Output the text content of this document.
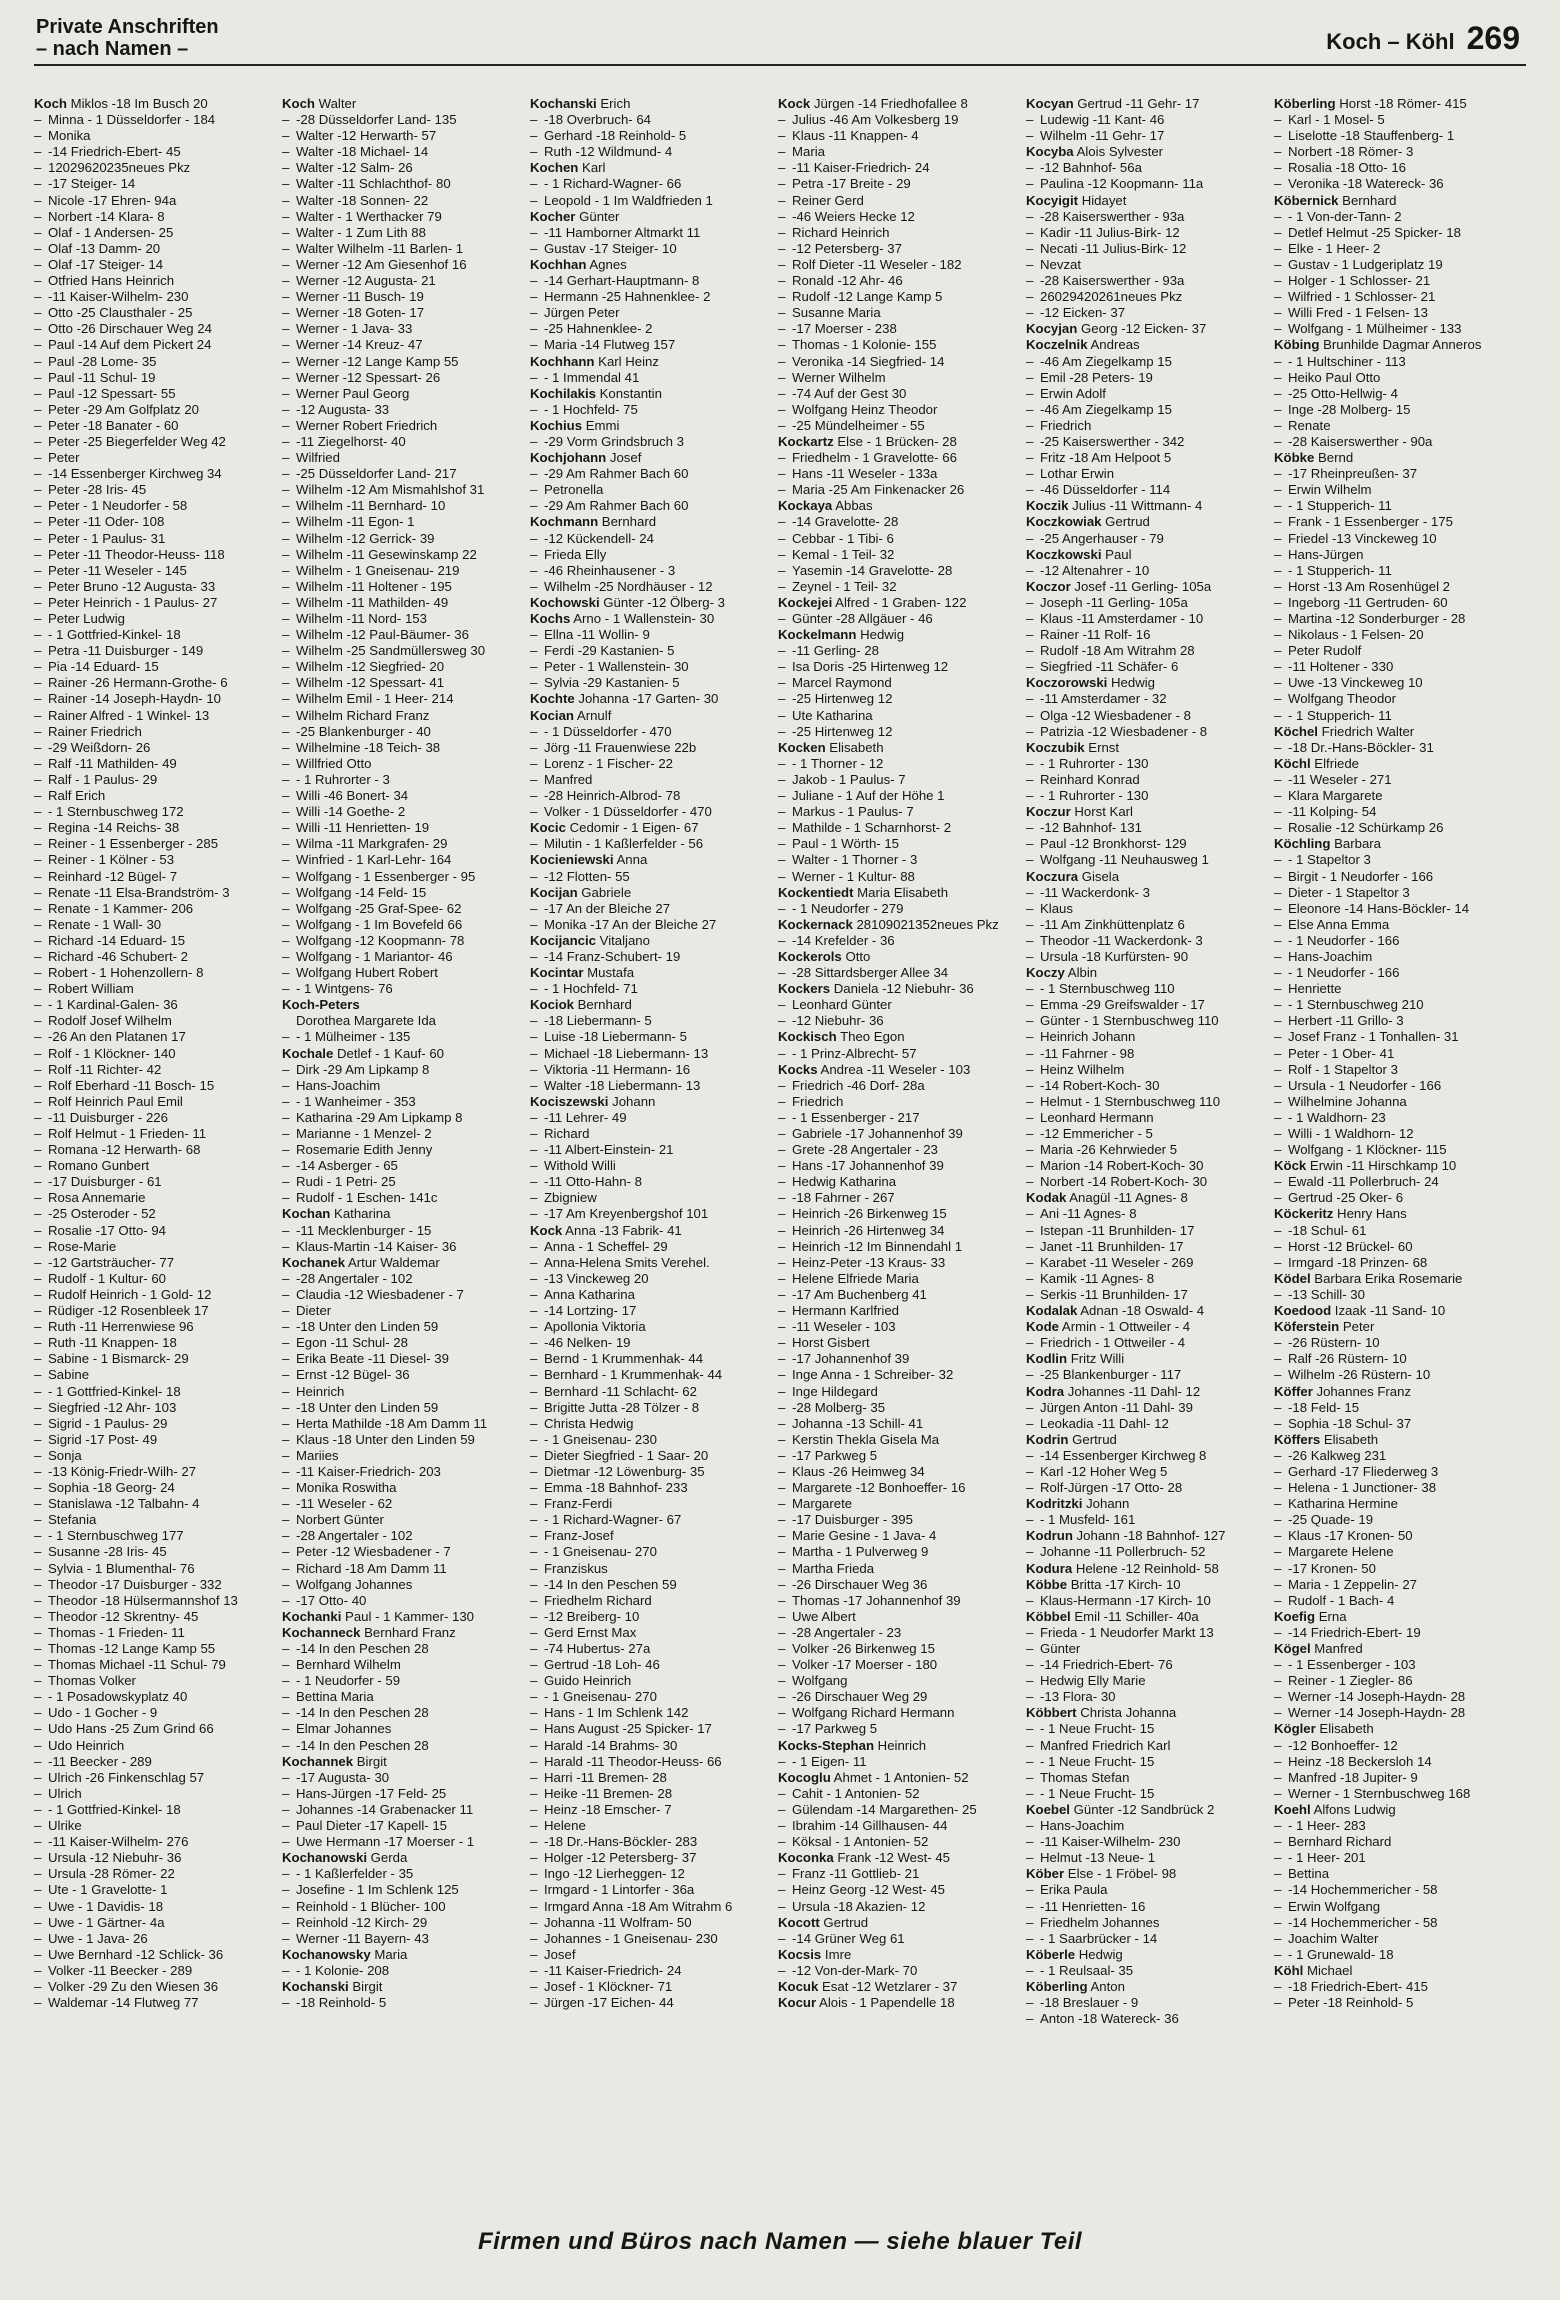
Private Anschriften
– nach Namen –	Koch – Köhl 269
Koch Miklos -18 Im Busch 20
– Minna - 1 Düsseldorfer - 184
– Monika
– -14 Friedrich-Ebert- 45
– 12029620235neues Pkz
– -17 Steiger- 14
– Nicole -17 Ehren- 94a
– Norbert -14 Klara- 8
– Olaf - 1 Andersen- 25
– Olaf -13 Damm- 20
– Olaf -17 Steiger- 14
– Otfried Hans Heinrich
– -11 Kaiser-Wilhelm- 230
– Otto -25 Clausthaler - 25
– Otto -26 Dirschauer Weg 24
– Paul -14 Auf dem Pickert 24
– Paul -28 Lome- 35
– Paul -11 Schul- 19
– Paul -12 Spessart- 55
– Peter -29 Am Golfplatz 20
– Peter -18 Banater - 60
– Peter -25 Biegerfelder Weg 42
– Peter
– -14 Essenberger Kirchweg 34
– Peter -28 Iris- 45
– Peter - 1 Neudorfer - 58
– Peter -11 Oder- 108
– Peter - 1 Paulus- 31
– Peter -11 Theodor-Heuss- 118
– Peter -11 Weseler - 145
– Peter Bruno -12 Augusta- 33
– Peter Heinrich - 1 Paulus- 27
– Peter Ludwig
– - 1 Gottfried-Kinkel- 18
– Petra -11 Duisburger - 149
– Pia -14 Eduard- 15
– Rainer -26 Hermann-Grothe- 6
– Rainer -14 Joseph-Haydn- 10
– Rainer Alfred - 1 Winkel- 13
– Rainer Friedrich
– -29 Weißdorn- 26
– Ralf -11 Mathilden- 49
– Ralf - 1 Paulus- 29
– Ralf Erich
– - 1 Sternbuschweg 172
– Regina -14 Reichs- 38
– Reiner - 1 Essenberger - 285
– Reiner - 1 Kölner - 53
– Reinhard -12 Bügel- 7
– Renate -11 Elsa-Brandström- 3
– Renate - 1 Kammer- 206
– Renate - 1 Wall- 30
– Richard -14 Eduard- 15
– Richard -46 Schubert- 2
– Robert - 1 Hohenzollern- 8
– Robert William
– - 1 Kardinal-Galen- 36
– Rodolf Josef Wilhelm
– -26 An den Platanen 17
– Rolf - 1 Klöckner- 140
– Rolf -11 Richter- 42
– Rolf Eberhard -11 Bosch- 15
– Rolf Heinrich Paul Emil
– -11 Duisburger - 226
– Rolf Helmut - 1 Frieden- 11
– Romana -12 Herwarth- 68
– Romano Gunbert
– -17 Duisburger - 61
– Rosa Annemarie
– -25 Osteroder - 52
– Rosalie -17 Otto- 94
– Rose-Marie
– -12 Gartsträucher- 77
– Rudolf - 1 Kultur- 60
– Rudolf Heinrich - 1 Gold- 12
– Rüdiger -12 Rosenbleek 17
– Ruth -11 Herrenwiese 96
– Ruth -11 Knappen- 18
– Sabine - 1 Bismarck- 29
– Sabine
– - 1 Gottfried-Kinkel- 18
– Siegfried -12 Ahr- 103
– Sigrid - 1 Paulus- 29
– Sigrid -17 Post- 49
– Sonja
– -13 König-Friedr-Wilh- 27
– Sophia -18 Georg- 24
– Stanislawa -12 Talbahn- 4
– Stefania
– - 1 Sternbuschweg 177
– Susanne -28 Iris- 45
– Sylvia - 1 Blumenthal- 76
– Theodor -17 Duisburger - 332
– Theodor -18 Hülsermannshof 13
– Theodor -12 Skrentny- 45
– Thomas - 1 Frieden- 11
– Thomas -12 Lange Kamp 55
– Thomas Michael -11 Schul- 79
– Thomas Volker
– - 1 Posadowskyplatz 40
– Udo - 1 Gocher - 9
– Udo Hans -25 Zum Grind 66
– Udo Heinrich
– -11 Beecker - 289
– Ulrich -26 Finkenschlag 57
– Ulrich
– - 1 Gottfried-Kinkel- 18
– Ulrike
– -11 Kaiser-Wilhelm- 276
– Ursula -12 Niebuhr- 36
– Ursula -28 Römer- 22
– Ute - 1 Gravelotte- 1
– Uwe - 1 Davidis- 18
– Uwe - 1 Gärtner- 4a
– Uwe - 1 Java- 26
– Uwe Bernhard -12 Schlick- 36
– Volker -11 Beecker - 289
– Volker -29 Zu den Wiesen 36
– Waldemar -14 Flutweg 77
Koch Walter
– -28 Düsseldorfer Land- 135
– Walter -12 Herwarth- 57
– Walter -18 Michael- 14
– Walter -12 Salm- 26
– Walter -11 Schlachthof- 80
– Walter -18 Sonnen- 22
– Walter - 1 Werthacker 79
– Walter - 1 Zum Lith 88
– Walter Wilhelm -11 Barlen- 1
– Werner -12 Am Giesenhof 16
– Werner -12 Augusta- 21
– Werner -11 Busch- 19
– Werner -18 Goten- 17
– Werner - 1 Java- 33
– Werner -14 Kreuz- 47
– Werner -12 Lange Kamp 55
– Werner -12 Spessart- 26
– Werner Paul Georg
– -12 Augusta- 33
– Werner Robert Friedrich
– -11 Ziegelhorst- 40
– Wilfried
– -25 Düsseldorfer Land- 217
– Wilhelm -12 Am Mismahlshof 31
– Wilhelm -11 Bernhard- 10
– Wilhelm -11 Egon- 1
– Wilhelm -12 Gerrick- 39
– Wilhelm -11 Gesewinskamp 22
– Wilhelm - 1 Gneisenau- 219
– Wilhelm -11 Holtener - 195
– Wilhelm -11 Mathilden- 49
– Wilhelm -11 Nord- 153
– Wilhelm -12 Paul-Bäumer- 36
– Wilhelm -25 Sandmüllersweg 30
– Wilhelm -12 Siegfried- 20
– Wilhelm -12 Spessart- 41
– Wilhelm Emil - 1 Heer- 214
– Wilhelm Richard Franz
– -25 Blankenburger - 40
– Wilhelmine -18 Teich- 38
– Willfried Otto
– - 1 Ruhrorter - 3
– Willi -46 Bonert- 34
– Willi -14 Goethe- 2
– Willi -11 Henrietten- 19
– Wilma -11 Markgrafen- 29
– Winfried - 1 Karl-Lehr- 164
– Wolfgang - 1 Essenberger - 95
– Wolfgang -14 Feld- 15
– Wolfgang -25 Graf-Spee- 62
– Wolfgang - 1 Im Bovefeld 66
– Wolfgang -12 Koopmann- 78
– Wolfgang - 1 Mariantor- 46
– Wolfgang Hubert Robert
– - 1 Wintgens- 76
Koch-Peters
Dorothea Margarete Ida
– - 1 Mülheimer - 135
Kochale Detlef - 1 Kauf- 60
– Dirk -29 Am Lipkamp 8
– Hans-Joachim
– - 1 Wanheimer - 353
– Katharina -29 Am Lipkamp 8
– Marianne - 1 Menzel- 2
– Rosemarie Edith Jenny
– -14 Asberger - 65
– Rudi - 1 Petri- 25
– Rudolf - 1 Eschen- 141c
Kochan Katharina
– -11 Mecklenburger - 15
– Klaus-Martin -14 Kaiser- 36
Kochanek Artur Waldemar
– -28 Angertaler - 102
– Claudia -12 Wiesbadener - 7
– Dieter
– -18 Unter den Linden 59
– Egon -11 Schul- 28
– Erika Beate -11 Diesel- 39
– Ernst -12 Bügel- 36
– Heinrich
– -18 Unter den Linden 59
– Herta Mathilde -18 Am Damm 11
– Klaus -18 Unter den Linden 59
– Mariies
– -11 Kaiser-Friedrich- 203
– Monika Roswitha
– -11 Weseler - 62
– Norbert Günter
– -28 Angertaler - 102
– Peter -12 Wiesbadener - 7
– Richard -18 Am Damm 11
– Wolfgang Johannes
– -17 Otto- 40
Kochanki Paul - 1 Kammer- 130
Kochanneck Bernhard Franz
– -14 In den Peschen 28
– Bernhard Wilhelm
– - 1 Neudorfer - 59
– Bettina Maria
– -14 In den Peschen 28
– Elmar Johannes
– -14 In den Peschen 28
Kochannek Birgit
– -17 Augusta- 30
– Hans-Jürgen -17 Feld- 25
– Johannes -14 Grabenacker 11
– Paul Dieter -17 Kapell- 15
– Uwe Hermann -17 Moerser - 1
Kochanowski Gerda
– - 1 Kaßlerfelder - 35
– Josefine - 1 Im Schlenk 125
– Reinhold - 1 Blücher- 100
– Reinhold -12 Kirch- 29
– Werner -11 Bayern- 43
Kochanowsky Maria
– - 1 Kolonie- 208
Kochanski Birgit
– -18 Reinhold- 5
Kochanski Erich
– -18 Overbruch- 64
– Gerhard -18 Reinhold- 5
– Ruth -12 Wildmund- 4
Kochen Karl
– - 1 Richard-Wagner- 66
– Leopold - 1 Im Waldfrieden 1
Kocher Günter
– -11 Hamborner Altmarkt 11
– Gustav -17 Steiger- 10
Kochhan Agnes
– -14 Gerhart-Hauptmann- 8
– Hermann -25 Hahnenklee- 2
– Jürgen Peter
– -25 Hahnenklee- 2
– Maria -14 Flutweg 157
Kochhann Karl Heinz
– - 1 Immendal 41
Kochilakis Konstantin
– - 1 Hochfeld- 75
Kochius Emmi
– -29 Vorm Grindsbruch 3
Kochjohann Josef
– -29 Am Rahmer Bach 60
– Petronella
– -29 Am Rahmer Bach 60
Kochmann Bernhard
– -12 Kückendell- 24
– Frieda Elly
– -46 Rheinhausener - 3
– Wilhelm -25 Nordhäuser - 12
Kochowski Günter -12 Ölberg- 3
Kochs Arno - 1 Wallenstein- 30
– Ellna -11 Wollin- 9
– Ferdi -29 Kastanien- 5
– Peter - 1 Wallenstein- 30
– Sylvia -29 Kastanien- 5
Kochte Johanna -17 Garten- 30
Kocian Arnulf
– - 1 Düsseldorfer - 470
– Jörg -11 Frauenwiese 22b
– Lorenz - 1 Fischer- 22
– Manfred
– -28 Heinrich-Albrod- 78
– Volker - 1 Düsseldorfer - 470
Kocic Cedomir - 1 Eigen- 67
– Milutin - 1 Kaßlerfelder - 56
Kocieniewski Anna
– -12 Flotten- 55
Kocijan Gabriele
– -17 An der Bleiche 27
– Monika -17 An der Bleiche 27
Kocijancic Vitaljano
– -14 Franz-Schubert- 19
Kocintar Mustafa
– - 1 Hochfeld- 71
Kociok Bernhard
– -18 Liebermann- 5
– Luise -18 Liebermann- 5
– Michael -18 Liebermann- 13
– Viktoria -11 Hermann- 16
– Walter -18 Liebermann- 13
Kociszewski Johann
– -11 Lehrer- 49
– Richard
– -11 Albert-Einstein- 21
– Withold Willi
– -11 Otto-Hahn- 8
– Zbigniew
– -17 Am Kreyenbergshof 101
Kock Anna -13 Fabrik- 41
– Anna - 1 Scheffel- 29
– Anna-Helena Smits Verehel.
– -13 Vinckeweg 20
– Anna Katharina
– -14 Lortzing- 17
– Apollonia Viktoria
– -46 Nelken- 19
– Bernd - 1 Krummenhak- 44
– Bernhard - 1 Krummenhak- 44
– Bernhard -11 Schlacht- 62
– Brigitte Jutta -28 Tölzer - 8
– Christa Hedwig
– - 1 Gneisenau- 230
– Dieter Siegfried - 1 Saar- 20
– Dietmar -12 Löwenburg- 35
– Emma -18 Bahnhof- 233
– Franz-Ferdi
– - 1 Richard-Wagner- 67
– Franz-Josef
– - 1 Gneisenau- 270
– Franziskus
– -14 In den Peschen 59
– Friedhelm Richard
– -12 Breiberg- 10
– Gerd Ernst Max
– -74 Hubertus- 27a
– Gertrud -18 Loh- 46
– Guido Heinrich
– - 1 Gneisenau- 270
– Hans - 1 Im Schlenk 142
– Hans August -25 Spicker- 17
– Harald -14 Brahms- 30
– Harald -11 Theodor-Heuss- 66
– Harri -11 Bremen- 28
– Heike -11 Bremen- 28
– Heinz -18 Emscher- 7
– Helene
– -18 Dr.-Hans-Böckler- 283
– Holger -12 Petersberg- 37
– Ingo -12 Lierheggen- 12
– Irmgard - 1 Lintorfer - 36a
– Irmgard Anna -18 Am Witrahm 6
– Johanna -11 Wolfram- 50
– Johannes - 1 Gneisenau- 230
– Josef
– -11 Kaiser-Friedrich- 24
– Josef - 1 Klöckner- 71
– Jürgen -17 Eichen- 44
Kock Jürgen -14 Friedhofallee 8
– Julius -46 Am Volkesberg 19
– Klaus -11 Knappen- 4
– Maria
– -11 Kaiser-Friedrich- 24
– Petra -17 Breite - 29
– Reiner Gerd
– -46 Weiers Hecke 12
– Richard Heinrich
– -12 Petersberg- 37
– Rolf Dieter -11 Weseler - 182
– Ronald -12 Ahr- 46
– Rudolf -12 Lange Kamp 5
– Susanne Maria
– -17 Moerser - 238
– Thomas - 1 Kolonie- 155
– Veronika -14 Siegfried- 14
– Werner Wilhelm
– -74 Auf der Gest 30
– Wolfgang Heinz Theodor
– -25 Mündelheimer - 55
Kockartz Else - 1 Brücken- 28
– Friedhelm - 1 Gravelotte- 66
– Hans -11 Weseler - 133a
– Maria -25 Am Finkenacker 26
Kockaya Abbas
– -14 Gravelotte- 28
– Cebbar - 1 Tibi- 6
– Kemal - 1 Teil- 32
– Yasemin -14 Gravelotte- 28
– Zeynel - 1 Teil- 32
Kockejei Alfred - 1 Graben- 122
– Günter -28 Allgäuer - 46
Kockelmann Hedwig
– -11 Gerling- 28
– Isa Doris -25 Hirtenweg 12
– Marcel Raymond
– -25 Hirtenweg 12
– Ute Katharina
– -25 Hirtenweg 12
Kocken Elisabeth
– - 1 Thorner - 12
– Jakob - 1 Paulus- 7
– Juliane - 1 Auf der Höhe 1
– Markus - 1 Paulus- 7
– Mathilde - 1 Scharnhorst- 2
– Paul - 1 Wörth- 15
– Walter - 1 Thorner - 3
– Werner - 1 Kultur- 88
Kockentiedt Maria Elisabeth
– - 1 Neudorfer - 279
Kockernack 28109021352neues Pkz
– -14 Krefelder - 36
Kockerols Otto
– -28 Sittardsberger Allee 34
Kockers Daniela -12 Niebuhr- 36
– Leonhard Günter
– -12 Niebuhr- 36
Kockisch Theo Egon
– - 1 Prinz-Albrecht- 57
Kocks Andrea -11 Weseler - 103
– Friedrich -46 Dorf- 28a
– Friedrich
– - 1 Essenberger - 217
– Gabriele -17 Johannenhof 39
– Grete -28 Angertaler - 23
– Hans -17 Johannenhof 39
– Hedwig Katharina
– -18 Fahrner - 267
– Heinrich -26 Birkenweg 15
– Heinrich -26 Hirtenweg 34
– Heinrich -12 Im Binnendahl 1
– Heinz-Peter -13 Kraus- 33
– Helene Elfriede Maria
– -17 Am Buchenberg 41
– Hermann Karlfried
– -11 Weseler - 103
– Horst Gisbert
– -17 Johannenhof 39
– Inge Anna - 1 Schreiber- 32
– Inge Hildegard
– -28 Molberg- 35
– Johanna -13 Schill- 41
– Kerstin Thekla Gisela Ma
– -17 Parkweg 5
– Klaus -26 Heimweg 34
– Margarete -12 Bonhoeffer- 16
– Margarete
– -17 Duisburger - 395
– Marie Gesine - 1 Java- 4
– Martha - 1 Pulverweg 9
– Martha Frieda
– -26 Dirschauer Weg 36
– Thomas -17 Johannenhof 39
– Uwe Albert
– -28 Angertaler - 23
– Volker -26 Birkenweg 15
– Volker -17 Moerser - 180
– Wolfgang
– -26 Dirschauer Weg 29
– Wolfgang Richard Hermann
– -17 Parkweg 5
Kocks-Stephan Heinrich
– - 1 Eigen- 11
Kocoglu Ahmet - 1 Antonien- 52
– Cahit - 1 Antonien- 52
– Gülendam -14 Margarethen- 25
– Ibrahim -14 Gillhausen- 44
– Köksal - 1 Antonien- 52
Koconka Frank -12 West- 45
– Franz -11 Gottlieb- 21
– Heinz Georg -12 West- 45
– Ursula -18 Akazien- 12
Kocott Gertrud
– -14 Grüner Weg 61
Kocsis Imre
– -12 Von-der-Mark- 70
Kocuk Esat -12 Wetzlarer - 37
Kocur Alois - 1 Papendelle 18
Kocyan Gertrud -11 Gehr- 17
– Ludewig -11 Kant- 46
– Wilhelm -11 Gehr- 17
Kocyba Alois Sylvester
– -12 Bahnhof- 56a
– Paulina -12 Koopmann- 11a
Kocyigit Hidayet
– -28 Kaiserswerther - 93a
– Kadir -11 Julius-Birk- 12
– Necati -11 Julius-Birk- 12
– Nevzat
– -28 Kaiserswerther - 93a
– 26029420261neues Pkz
– -12 Eicken- 37
Kocyjan Georg -12 Eicken- 37
Koczelnik Andreas
– -46 Am Ziegelkamp 15
– Emil -28 Peters- 19
– Erwin Adolf
– -46 Am Ziegelkamp 15
– Friedrich
– -25 Kaiserswerther - 342
– Fritz -18 Am Helpoot 5
– Lothar Erwin
– -46 Düsseldorfer - 114
Koczik Julius -11 Wittmann- 4
Koczkowiak Gertrud
– -25 Angerhauser - 79
Koczkowski Paul
– -12 Altenahrer - 10
Koczor Josef -11 Gerling- 105a
– Joseph -11 Gerling- 105a
– Klaus -11 Amsterdamer - 10
– Rainer -11 Rolf- 16
– Rudolf -18 Am Witrahm 28
– Siegfried -11 Schäfer- 6
Koczorowski Hedwig
– -11 Amsterdamer - 32
– Olga -12 Wiesbadener - 8
– Patrizia -12 Wiesbadener - 8
Koczubik Ernst
– - 1 Ruhrorter - 130
– Reinhard Konrad
– - 1 Ruhrorter - 130
Koczur Horst Karl
– -12 Bahnhof- 131
– Paul -12 Bronkhorst- 129
– Wolfgang -11 Neuhausweg 1
Koczura Gisela
– -11 Wackerdonk- 3
– Klaus
– -11 Am Zinkhüttenplatz 6
– Theodor -11 Wackerdonk- 3
– Ursula -18 Kurfürsten- 90
Koczy Albin
– - 1 Sternbuschweg 110
– Emma -29 Greifswalder - 17
– Günter - 1 Sternbuschweg 110
– Heinrich Johann
– -11 Fahrner - 98
– Heinz Wilhelm
– -14 Robert-Koch- 30
– Helmut - 1 Sternbuschweg 110
– Leonhard Hermann
– -12 Emmericher - 5
– Maria -26 Kehrwieder 5
– Marion -14 Robert-Koch- 30
– Norbert -14 Robert-Koch- 30
Kodak Anagül -11 Agnes- 8
– Ani -11 Agnes- 8
– Istepan -11 Brunhilden- 17
– Janet -11 Brunhilden- 17
– Karabet -11 Weseler - 269
– Kamik -11 Agnes- 8
– Serkis -11 Brunhilden- 17
Kodalak Adnan -18 Oswald- 4
Kode Armin - 1 Ottweiler - 4
– Friedrich - 1 Ottweiler - 4
Kodlin Fritz Willi
– -25 Blankenburger - 117
Kodra Johannes -11 Dahl- 12
– Jürgen Anton -11 Dahl- 39
– Leokadia -11 Dahl- 12
Kodrin Gertrud
– -14 Essenberger Kirchweg 8
– Karl -12 Hoher Weg 5
– Rolf-Jürgen -17 Otto- 28
Kodritzki Johann
– - 1 Musfeld- 161
Kodrun Johann -18 Bahnhof- 127
– Johanne -11 Pollerbruch- 52
Kodura Helene -12 Reinhold- 58
Köbbe Britta -17 Kirch- 10
– Klaus-Hermann -17 Kirch- 10
Köbbel Emil -11 Schiller- 40a
– Frieda - 1 Neudorfer Markt 13
– Günter
– -14 Friedrich-Ebert- 76
– Hedwig Elly Marie
– -13 Flora- 30
Köbbert Christa Johanna
– - 1 Neue Frucht- 15
– Manfred Friedrich Karl
– - 1 Neue Frucht- 15
– Thomas Stefan
– - 1 Neue Frucht- 15
Koebel Günter -12 Sandbrück 2
– Hans-Joachim
– -11 Kaiser-Wilhelm- 230
– Helmut -13 Neue- 1
Köber Else - 1 Fröbel- 98
– Erika Paula
– -11 Henrietten- 16
– Friedhelm Johannes
– - 1 Saarbrücker - 14
Köberle Hedwig
– - 1 Reulsaal- 35
Köberling Anton
– -18 Breslauer - 9
– Anton -18 Watereck- 36
Köberling Horst -18 Römer- 415
– Karl - 1 Mosel- 5
– Liselotte -18 Stauffenberg- 1
– Norbert -18 Römer- 3
– Rosalia -18 Otto- 16
– Veronika -18 Watereck- 36
Köbernick Bernhard
– - 1 Von-der-Tann- 2
– Detlef Helmut -25 Spicker- 18
– Elke - 1 Heer- 2
– Gustav - 1 Ludgeriplatz 19
– Holger - 1 Schlosser- 21
– Wilfried - 1 Schlosser- 21
– Willi Fred - 1 Felsen- 13
– Wolfgang - 1 Mülheimer - 133
Köbing Brunhilde Dagmar Anneros
– - 1 Hultschiner - 113
– Heiko Paul Otto
– -25 Otto-Hellwig- 4
– Inge -28 Molberg- 15
– Renate
– -28 Kaiserswerther - 90a
Köbke Bernd
– -17 Rheinpreußen- 37
– Erwin Wilhelm
– - 1 Stupperich- 11
– Frank - 1 Essenberger - 175
– Friedel -13 Vinckeweg 10
– Hans-Jürgen
– - 1 Stupperich- 11
– Horst -13 Am Rosenhügel 2
– Ingeborg -11 Gertruden- 60
– Martina -12 Sonderburger - 28
– Nikolaus - 1 Felsen- 20
– Peter Rudolf
– -11 Holtener - 330
– Uwe -13 Vinckeweg 10
– Wolfgang Theodor
– - 1 Stupperich- 11
Köchel Friedrich Walter
– -18 Dr.-Hans-Böckler- 31
Köchl Elfriede
– -11 Weseler - 271
– Klara Margarete
– -11 Kolping- 54
– Rosalie -12 Schürkamp 26
Köchling Barbara
– - 1 Stapeltor 3
– Birgit - 1 Neudorfer - 166
– Dieter - 1 Stapeltor 3
– Eleonore -14 Hans-Böckler- 14
– Else Anna Emma
– - 1 Neudorfer - 166
– Hans-Joachim
– - 1 Neudorfer - 166
– Henriette
– - 1 Sternbuschweg 210
– Herbert -11 Grillo- 3
– Josef Franz - 1 Tonhallen- 31
– Peter - 1 Ober- 41
– Rolf - 1 Stapeltor 3
– Ursula - 1 Neudorfer - 166
– Wilhelmine Johanna
– - 1 Waldhorn- 23
– Willi - 1 Waldhorn- 12
– Wolfgang - 1 Klöckner- 115
Köck Erwin -11 Hirschkamp 10
– Ewald -11 Pollerbruch- 24
– Gertrud -25 Oker- 6
Köckeritz Henry Hans
– -18 Schul- 61
– Horst -12 Brückel- 60
– Irmgard -18 Prinzen- 68
Ködel Barbara Erika Rosemarie
– -13 Schill- 30
Koedood Izaak -11 Sand- 10
Köferstein Peter
– -26 Rüstern- 10
– Ralf -26 Rüstern- 10
– Wilhelm -26 Rüstern- 10
Köffer Johannes Franz
– -18 Feld- 15
– Sophia -18 Schul- 37
Köffers Elisabeth
– -26 Kalkweg 231
– Gerhard -17 Fliederweg 3
– Helena - 1 Junctioner- 38
– Katharina Hermine
– -25 Quade- 19
– Klaus -17 Kronen- 50
– Margarete Helene
– -17 Kronen- 50
– Maria - 1 Zeppelin- 27
– Rudolf - 1 Bach- 4
Koefig Erna
– -14 Friedrich-Ebert- 19
Kögel Manfred
– - 1 Essenberger - 103
– Reiner - 1 Ziegler- 86
– Werner -14 Joseph-Haydn- 28
– Werner -14 Joseph-Haydn- 28
Kögler Elisabeth
– -12 Bonhoeffer- 12
– Heinz -18 Beckersloh 14
– Manfred -18 Jupiter- 9
– Werner - 1 Sternbuschweg 168
Koehl Alfons Ludwig
– - 1 Heer- 283
– Bernhard Richard
– - 1 Heer- 201
– Bettina
– -14 Hochemmericher - 58
– Erwin Wolfgang
– -14 Hochemmericher - 58
– Joachim Walter
– - 1 Grunewald- 18
Köhl Michael
– -18 Friedrich-Ebert- 415
– Peter -18 Reinhold- 5
Firmen und Büros nach Namen — siehe blauer Teil
